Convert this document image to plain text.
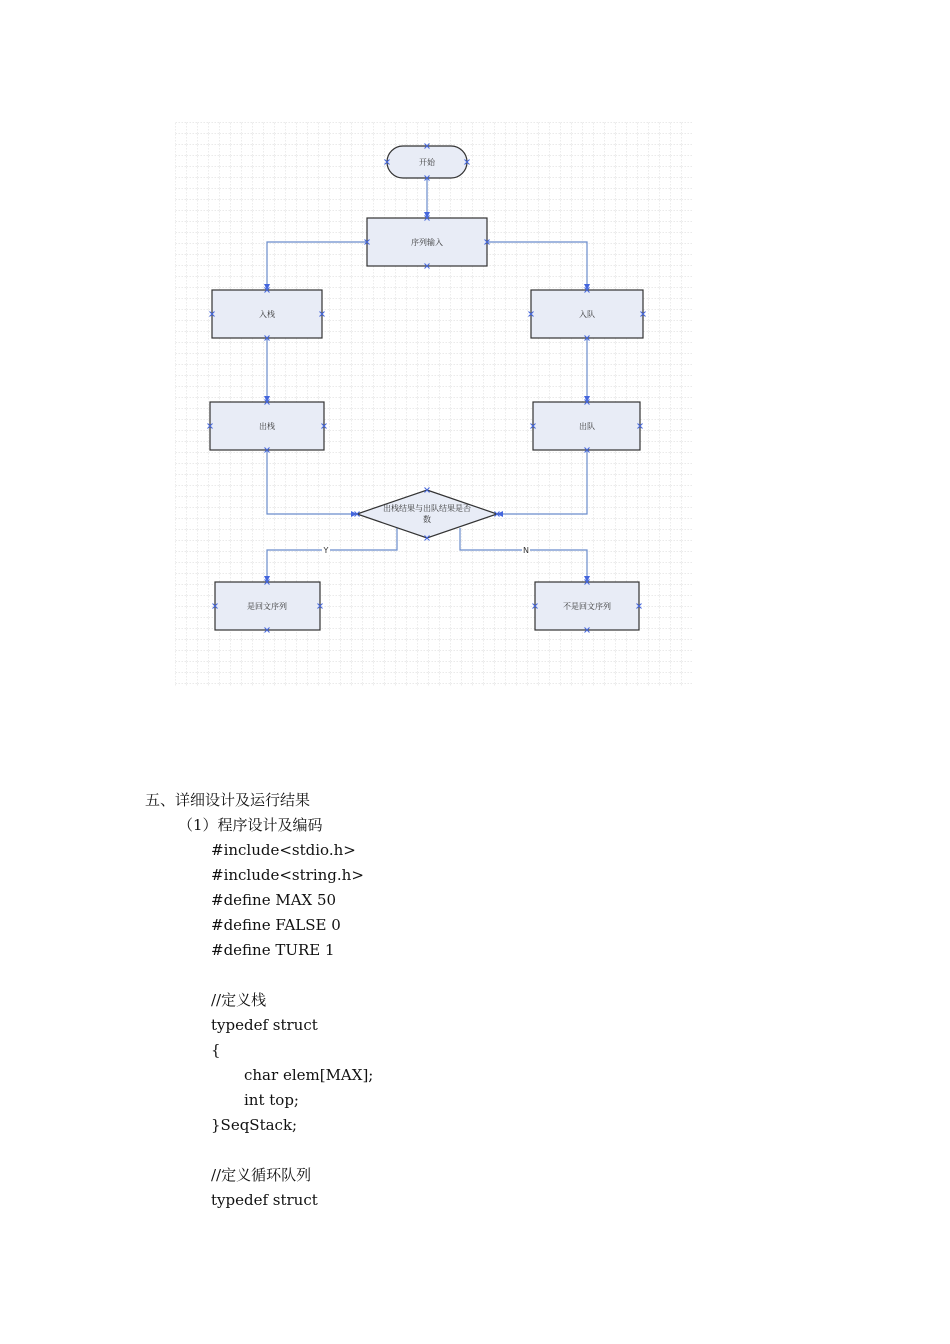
Y	N
开始
序列输入
入栈	入队
出栈	出队
出栈结果与出队结果是否
数
是回文序列	不是回文序列

五、详细设计及运行结果

（1）程序设计及编码

#include<stdio.h>

#include<string.h>

#define MAX 50

#define FALSE 0

#define TURE 1

//定义栈

typedef struct

{

char elem[MAX];

int top;

}SeqStack;

//定义循环队列

typedef struct
